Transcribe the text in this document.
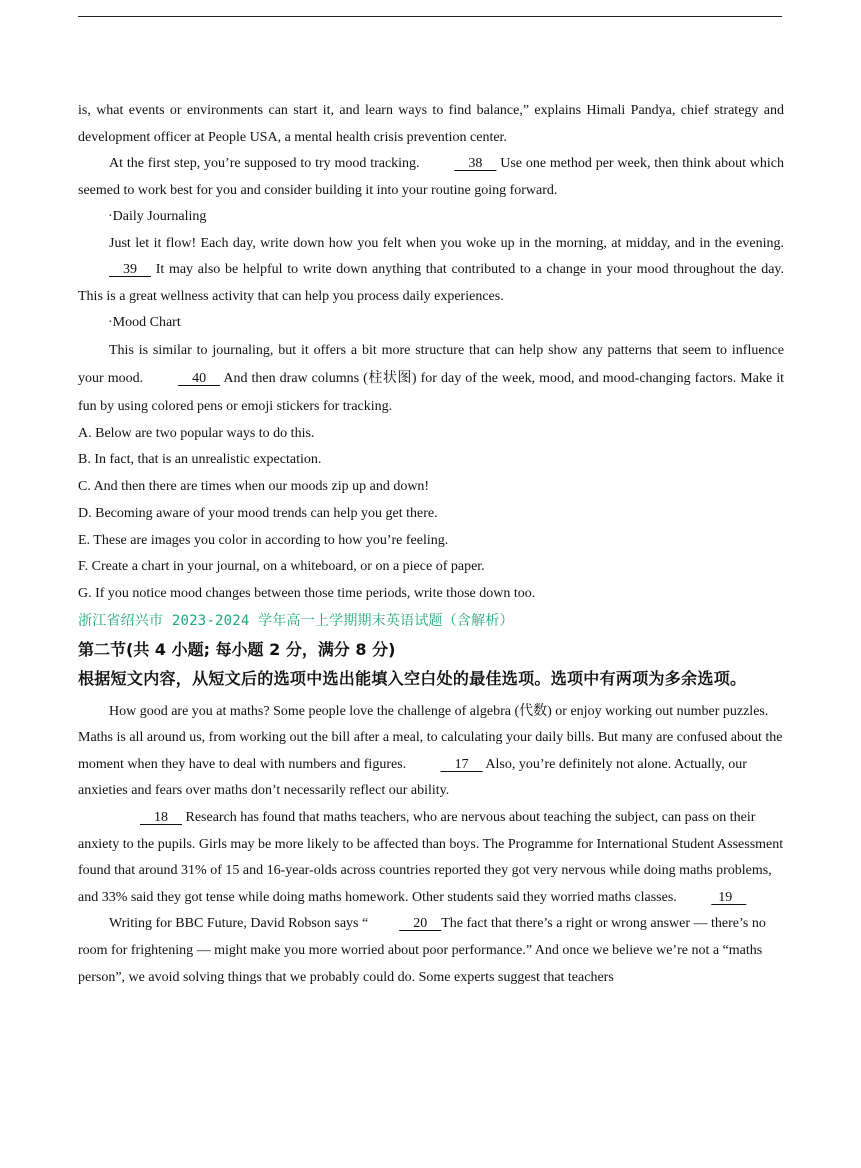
is, what events or environments can start it, and learn ways to find balance,” explains Himali Pandya, chief strategy and development officer at People USA, a mental health crisis prevention center.

At the first step, you’re supposed to try mood tracking.     38     Use one method per week, then think about which seemed to work best for you and consider building it into your routine going forward.

·Daily Journaling

Just let it flow! Each day, write down how you felt when you woke up in the morning, at midday, and in the evening.     39     It may also be helpful to write down anything that contributed to a change in your mood throughout the day. This is a great wellness activity that can help you process daily experiences.

·Mood Chart

This is similar to journaling, but it offers a bit more structure that can help show any patterns that seem to influence your mood.	40     And then draw columns (柱状图) for day of the week, mood, and mood-changing factors. Make it fun by using colored pens or emoji stickers for tracking.

A. Below are two popular ways to do this.

B. In fact, that is an unrealistic expectation.

C. And then there are times when our moods zip up and down!

D. Becoming aware of your mood trends can help you get there.

E. These are images you color in according to how you’re feeling.

F. Create a chart in your journal, on a whiteboard, or on a piece of paper.

G. If you notice mood changes between those time periods, write those down too.

浙江省绍兴市 2023-2024 学年高一上学期期末英语试题（含解析）

第二节(共 4 小题; 每小题 2 分，满分 8 分)

根据短文内容，从短文后的选项中选出能填入空白处的最佳选项。选项中有两项为多余选项。

How good are you at maths? Some people love the challenge of algebra (代数) or enjoy working out number puzzles. Maths is all around us, from working out the bill after a meal, to calculating your daily bills. But many are confused about the moment when they have to deal with numbers and figures.     17     Also, you’re definitely not alone. Actually, our anxieties and fears over maths don’t necessarily reflect our ability.

18     Research has found that maths teachers, who are nervous about teaching the subject, can pass on their anxiety to the pupils. Girls may be more likely to be affected than boys. The Programme for International Student Assessment found that around 31% of 15 and 16-year-olds across countries reported they got very nervous while doing maths problems, and 33% said they got tense while doing maths homework. Other students said they worried maths classes.   19

Writing for BBC Future, David Robson says “    20    The fact that there’s a right or wrong answer — there’s no room for frightening — might make you more worried about poor performance.” And once we believe we’re not a “maths person”, we avoid solving things that we probably could do. Some experts suggest that teachers
